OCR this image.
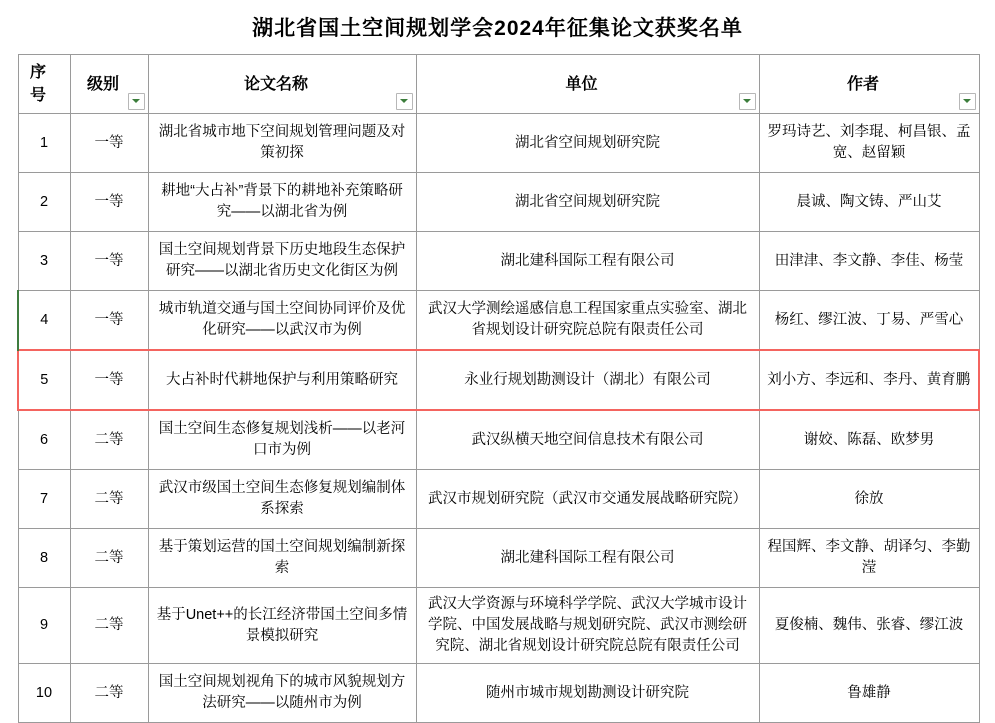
湖北省国土空间规划学会2024年征集论文获奖名单
序号	级别	论文名称	单位	作者

1	一等	湖北省城市地下空间规划管理问题及对策初探	湖北省空间规划研究院	罗玛诗艺、刘李琨、柯昌银、孟宽、赵留颖
2	一等	耕地“大占补”背景下的耕地补充策略研究——以湖北省为例	湖北省空间规划研究院	晨诚、陶文铸、严山艾
3	一等	国土空间规划背景下历史地段生态保护研究——以湖北省历史文化街区为例	湖北建科国际工程有限公司	田津津、李文静、李佳、杨莹
4	一等	城市轨道交通与国土空间协同评价及优化研究——以武汉市为例	武汉大学测绘遥感信息工程国家重点实验室、湖北省规划设计研究院总院有限责任公司	杨红、缪江波、丁易、严雪心
5	一等	大占补时代耕地保护与利用策略研究	永业行规划勘测设计（湖北）有限公司	刘小方、李远和、李丹、黄育鹏
6	二等	国土空间生态修复规划浅析——以老河口市为例	武汉纵横天地空间信息技术有限公司	谢姣、陈磊、欧梦男
7	二等	武汉市级国土空间生态修复规划编制体系探索	武汉市规划研究院（武汉市交通发展战略研究院）	徐放
8	二等	基于策划运营的国土空间规划编制新探索	湖北建科国际工程有限公司	程国辉、李文静、胡译匀、李勤滢
9	二等	基于Unet++的长江经济带国土空间多情景模拟研究	武汉大学资源与环境科学学院、武汉大学城市设计学院、中国发展战略与规划研究院、武汉市测绘研究院、湖北省规划设计研究院总院有限责任公司	夏俊楠、魏伟、张睿、缪江波
10	二等	国土空间规划视角下的城市风貌规划方法研究——以随州市为例	随州市城市规划勘测设计研究院	鲁雄静
